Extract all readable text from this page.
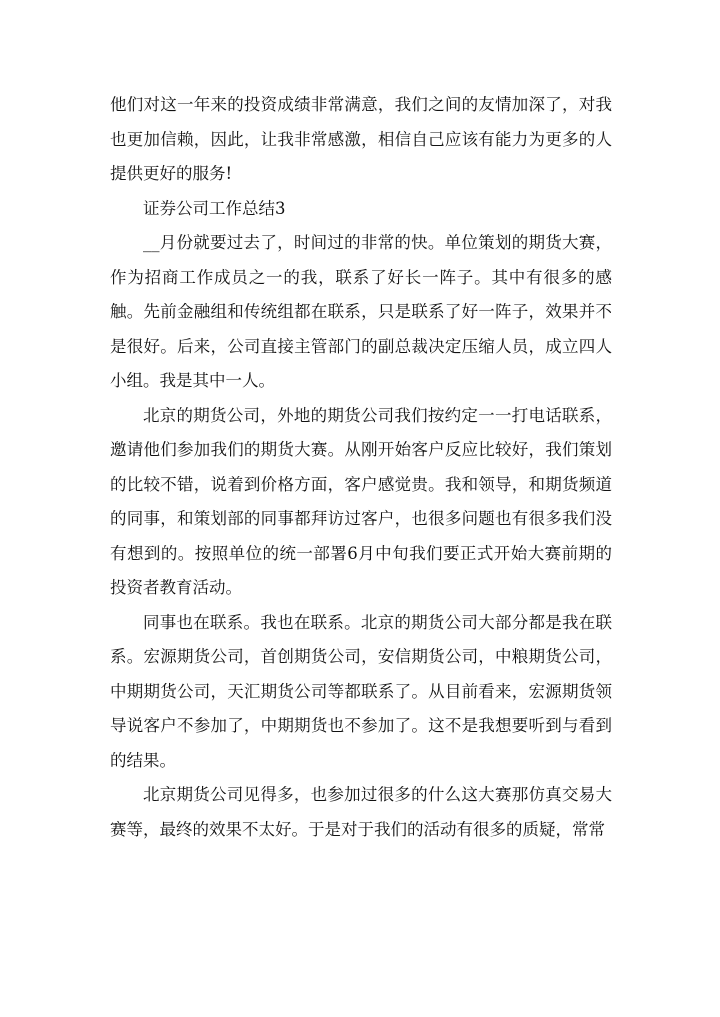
他们对这一年来的投资成绩非常满意，我们之间的友情加深了，对我也更加信赖，因此，让我非常感激，相信自己应该有能力为更多的人提供更好的服务!

证券公司工作总结3

__月份就要过去了，时间过的非常的快。单位策划的期货大赛，作为招商工作成员之一的我，联系了好长一阵子。其中有很多的感触。先前金融组和传统组都在联系，只是联系了好一阵子，效果并不是很好。后来，公司直接主管部门的副总裁决定压缩人员，成立四人小组。我是其中一人。

北京的期货公司，外地的期货公司我们按约定一一打电话联系，邀请他们参加我们的期货大赛。从刚开始客户反应比较好，我们策划的比较不错，说着到价格方面，客户感觉贵。我和领导，和期货频道的同事，和策划部的同事都拜访过客户，也很多问题也有很多我们没有想到的。按照单位的统一部署6月中旬我们要正式开始大赛前期的投资者教育活动。

同事也在联系。我也在联系。北京的期货公司大部分都是我在联系。宏源期货公司，首创期货公司，安信期货公司，中粮期货公司，中期期货公司，天汇期货公司等都联系了。从目前看来，宏源期货领导说客户不参加了，中期期货也不参加了。这不是我想要听到与看到的结果。

北京期货公司见得多，也参加过很多的什么这大赛那仿真交易大赛等，最终的效果不太好。于是对于我们的活动有很多的质疑，常常
